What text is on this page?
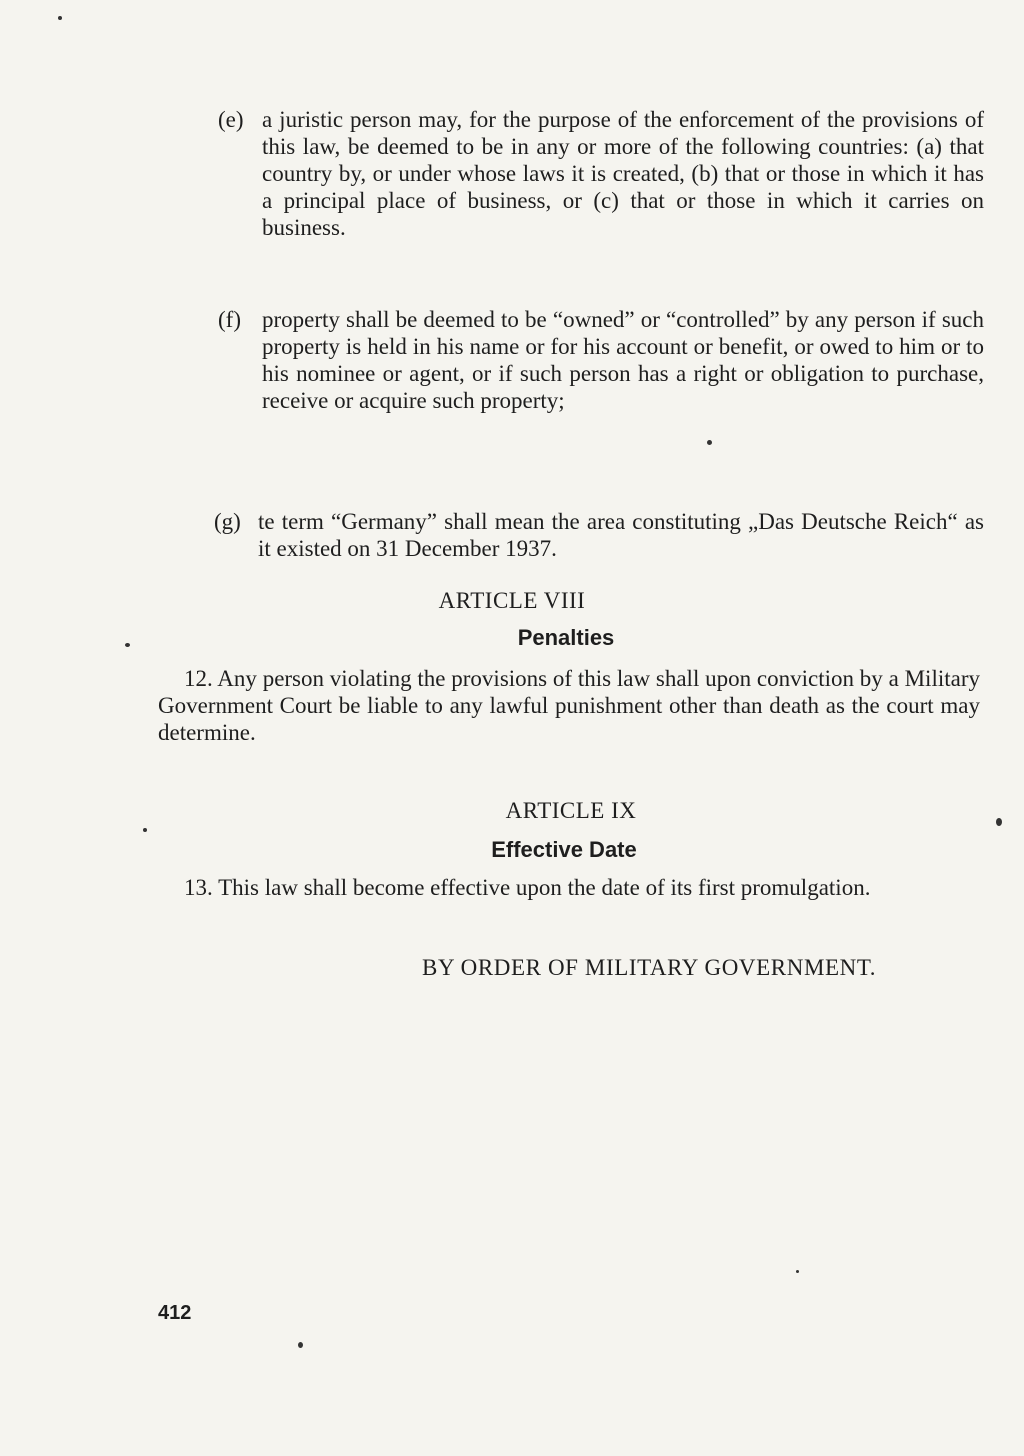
(e) a juristic person may, for the purpose of the enforcement of the provisions of this law, be deemed to be in any or more of the following countries: (a) that country by, or under whose laws it is created, (b) that or those in which it has a principal place of business, or (c) that or those in which it carries on business.
(f) property shall be deemed to be “owned” or “controlled” by any person if such property is held in his name or for his account or benefit, or owed to him or to his nominee or agent, or if such person has a right or obligation to purchase, receive or acquire such property;
(g) te term “Germany” shall mean the area constituting „Das Deutsche Reich“ as it existed on 31 December 1937.
ARTICLE VIII
Penalties
12. Any person violating the provisions of this law shall upon conviction by a Military Government Court be liable to any lawful punishment other than death as the court may determine.
ARTICLE IX
Effective Date
13. This law shall become effective upon the date of its first promulgation.
BY ORDER OF MILITARY GOVERNMENT.
412
